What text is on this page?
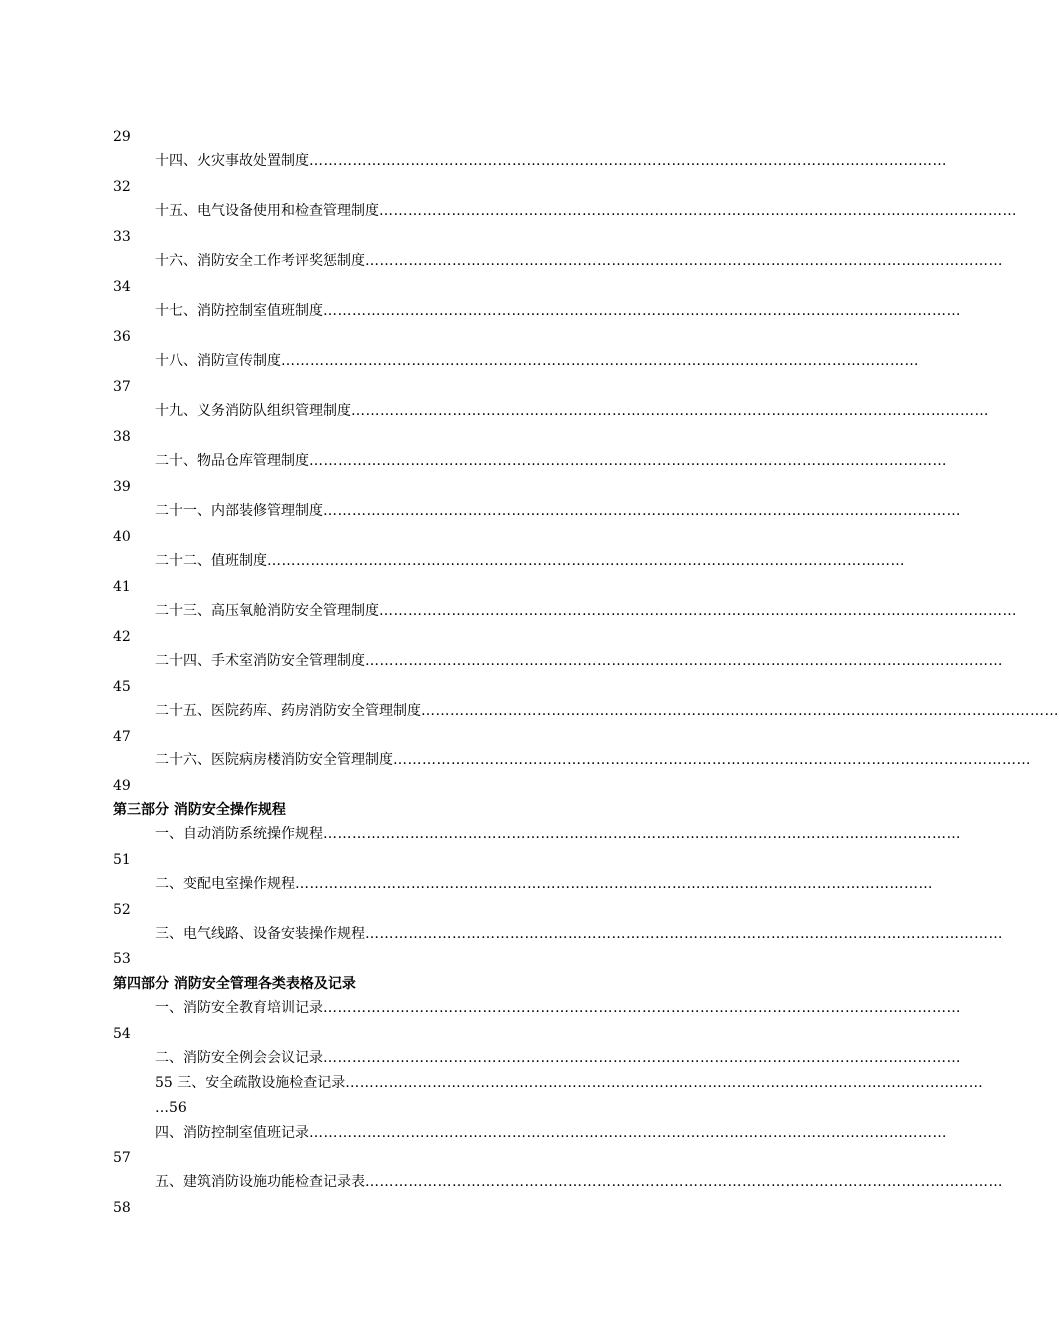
29
十四、火灾事故处置制度 ……………………………………………………………………………………………………………………
32
十五、电气设备使用和检查管理制度 ……………………………………………………………………………………………………………………
33
十六、消防安全工作考评奖惩制度 ……………………………………………………………………………………………………………………
34
十七、消防控制室值班制度 ……………………………………………………………………………………………………………………
36
十八、消防宣传制度 ……………………………………………………………………………………………………………………
37
十九、义务消防队组织管理制度 ……………………………………………………………………………………………………………………
38
二十、物品仓库管理制度 ……………………………………………………………………………………………………………………
39
二十一、内部装修管理制度 ……………………………………………………………………………………………………………………
40
二十二、值班制度 ……………………………………………………………………………………………………………………
41
二十三、高压氧舱消防安全管理制度 ……………………………………………………………………………………………………………………
42
二十四、手术室消防安全管理制度 ……………………………………………………………………………………………………………………
45
二十五、医院药库、药房消防安全管理制度 ……………………………………………………………………………………………………………………
47
二十六、医院病房楼消防安全管理制度 ……………………………………………………………………………………………………………………
49
第三部分 消防安全操作规程
一、自动消防系统操作规程 ……………………………………………………………………………………………………………………
51
二、变配电室操作规程 ……………………………………………………………………………………………………………………
52
三、电气线路、设备安装操作规程 ……………………………………………………………………………………………………………………
53
第四部分 消防安全管理各类表格及记录
一、消防安全教育培训记录 ……………………………………………………………………………………………………………………
54
二、消防安全例会会议记录 ……………………………………………………………………………………………………………………
55 三、安全疏散设施检查记录 ……………………………………………………………………………………………………………………
…56
四、消防控制室值班记录 ……………………………………………………………………………………………………………………
57
五、建筑消防设施功能检查记录表 ……………………………………………………………………………………………………………………
58
